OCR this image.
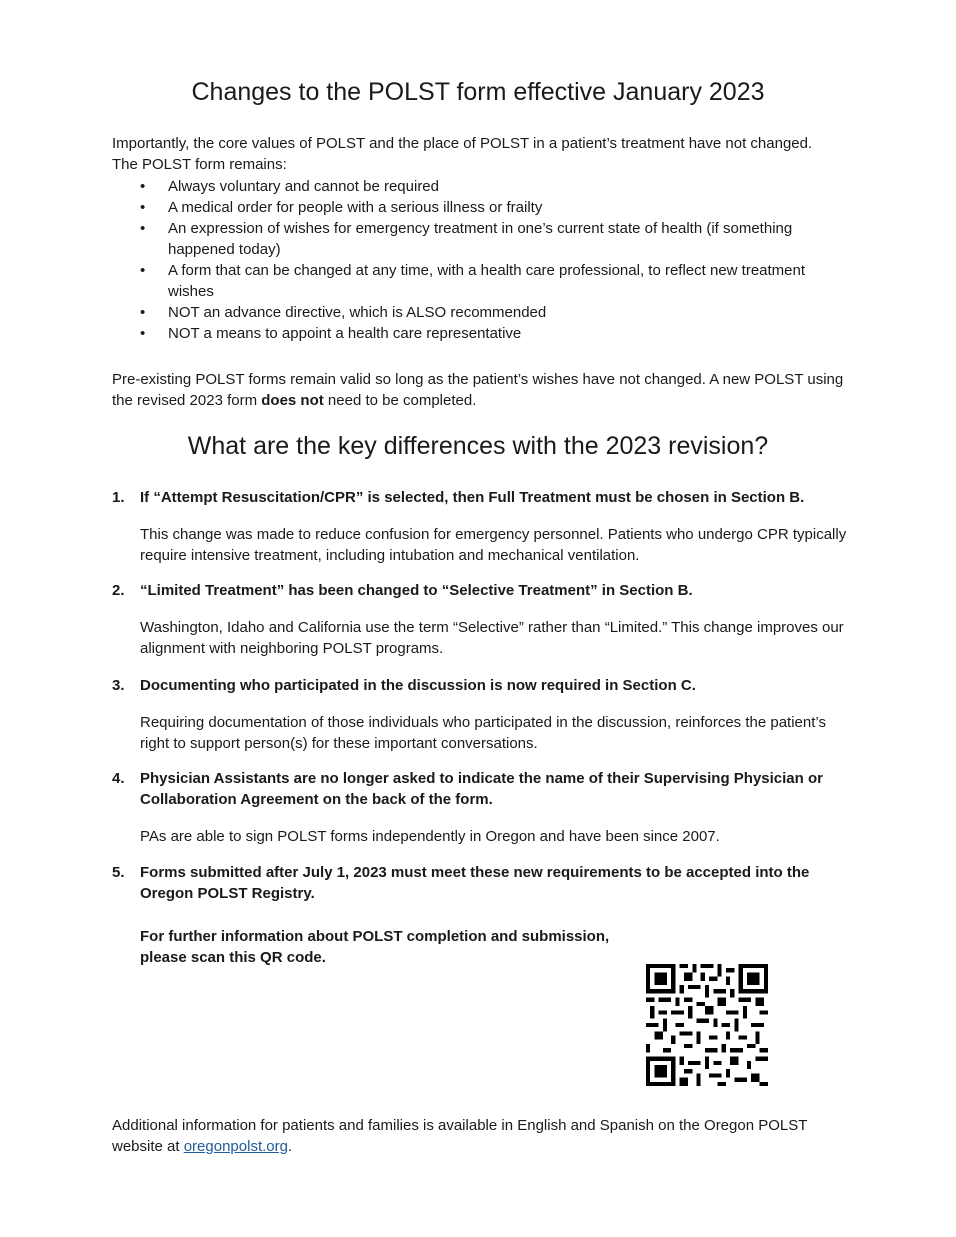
Changes to the POLST form effective January 2023
Importantly, the core values of POLST and the place of POLST in a patient’s treatment have not changed.
The POLST form remains:
• Always voluntary and cannot be required
• A medical order for people with a serious illness or frailty
• An expression of wishes for emergency treatment in one’s current state of health (if something happened today)
• A form that can be changed at any time, with a health care professional, to reflect new treatment wishes
• NOT an advance directive, which is ALSO recommended
• NOT a means to appoint a health care representative

Pre-existing POLST forms remain valid so long as the patient’s wishes have not changed. A new POLST using the revised 2023 form does not need to be completed.

What are the key differences with the 2023 revision?
1. If “Attempt Resuscitation/CPR” is selected, then Full Treatment must be chosen in Section B.
This change was made to reduce confusion for emergency personnel. Patients who undergo CPR typically require intensive treatment, including intubation and mechanical ventilation.
2. “Limited Treatment” has been changed to “Selective Treatment” in Section B.
Washington, Idaho and California use the term “Selective” rather than “Limited.” This change improves our alignment with neighboring POLST programs.
3. Documenting who participated in the discussion is now required in Section C.
Requiring documentation of those individuals who participated in the discussion, reinforces the patient’s right to support person(s) for these important conversations.
4. Physician Assistants are no longer asked to indicate the name of their Supervising Physician or Collaboration Agreement on the back of the form.
PAs are able to sign POLST forms independently in Oregon and have been since 2007.
5. Forms submitted after July 1, 2023 must meet these new requirements to be accepted into the Oregon POLST Registry.
For further information about POLST completion and submission,
please scan this QR code.

Additional information for patients and families is available in English and Spanish on the Oregon POLST website at oregonpolst.org.
